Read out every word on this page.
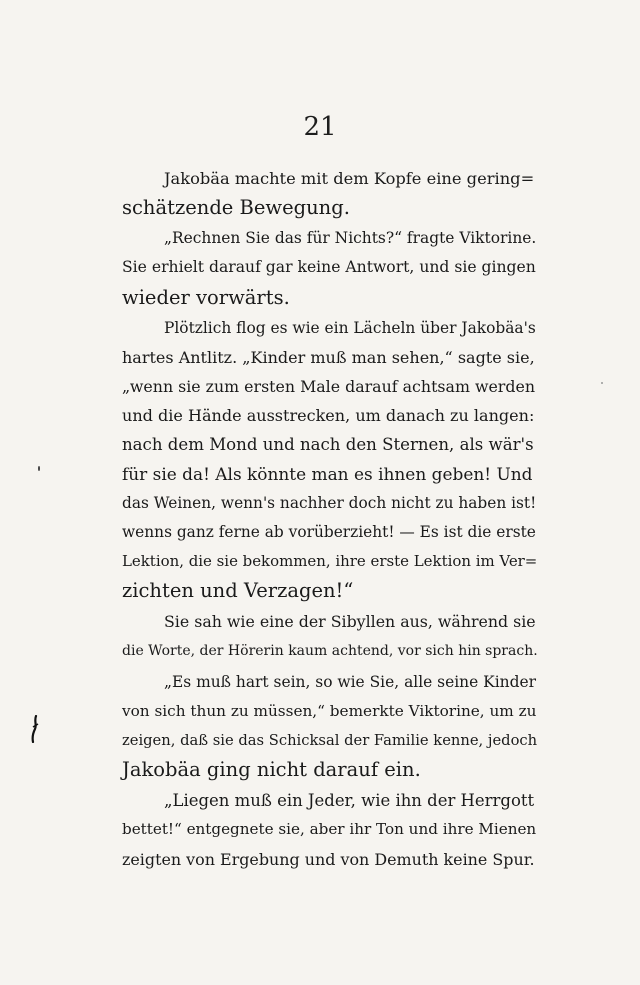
21

Jakobäa machte mit dem Kopfe eine gering=
schätzende Bewegung.

„Rechnen Sie das für Nichts?“ fragte Viktorine.
Sie erhielt darauf gar keine Antwort, und sie gingen
wieder vorwärts.

Plötzlich flog es wie ein Lächeln über Jakobäa's
hartes Antlitz. „Kinder muß man sehen,“ sagte sie,
„wenn sie zum ersten Male darauf achtsam werden
und die Hände ausstrecken, um danach zu langen:
nach dem Mond und nach den Sternen, als wär's
für sie da! Als könnte man es ihnen geben! Und
das Weinen, wenn's nachher doch nicht zu haben ist!
wenns ganz ferne ab vorüberzieht! — Es ist die erste
Lektion, die sie bekommen, ihre erste Lektion im Ver=
zichten und Verzagen!“

Sie sah wie eine der Sibyllen aus, während sie
die Worte, der Hörerin kaum achtend, vor sich hin sprach.

„Es muß hart sein, so wie Sie, alle seine Kinder
von sich thun zu müssen,“ bemerkte Viktorine, um zu
zeigen, daß sie das Schicksal der Familie kenne, jedoch
Jakobäa ging nicht darauf ein.

„Liegen muß ein Jeder, wie ihn der Herrgott
bettet!“ entgegnete sie, aber ihr Ton und ihre Mienen
zeigten von Ergebung und von Demuth keine Spur.
